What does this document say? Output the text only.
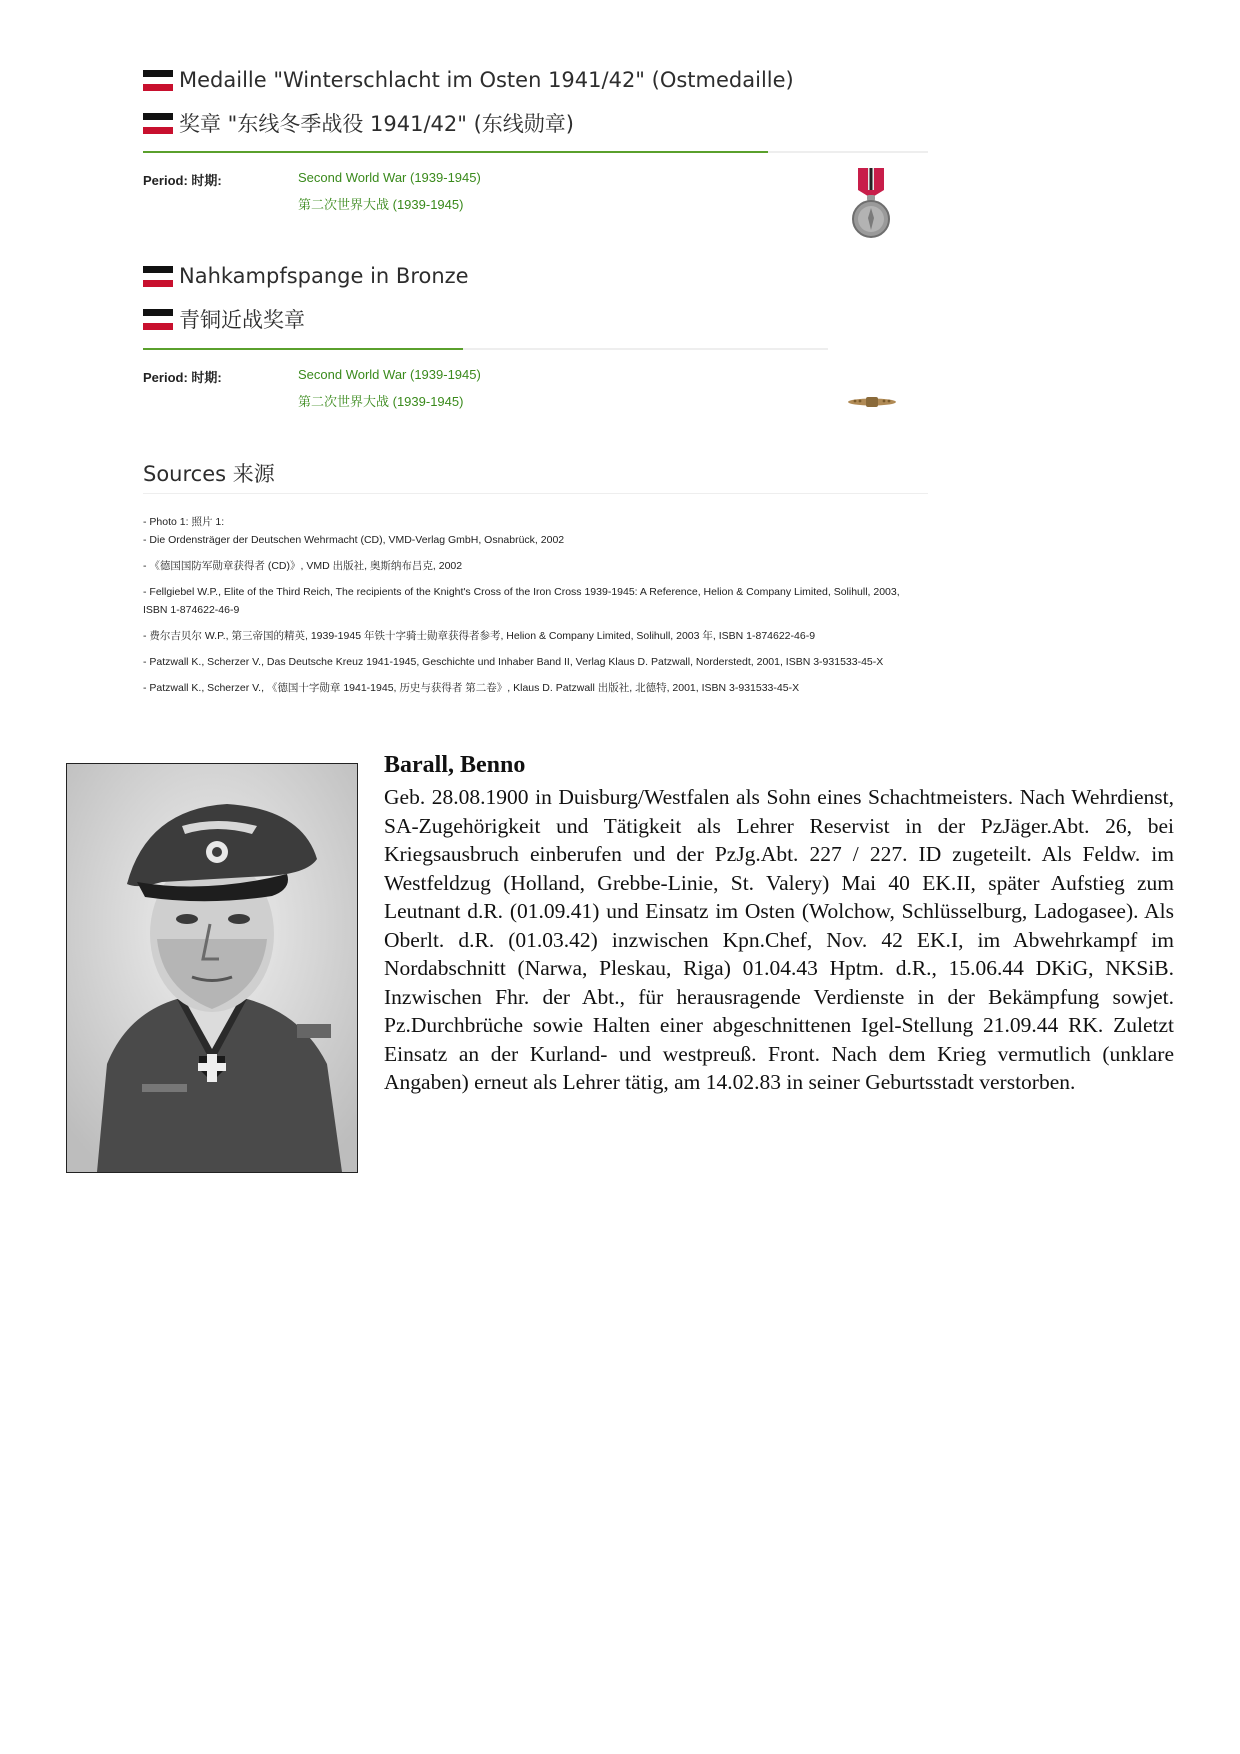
Medaille "Winterschlacht im Osten 1941/42" (Ostmedaille)
奖章 "东线冬季战役 1941/42" (东线勋章)
Period: 时期:	Second World War (1939-1945)
第二次世界大战 (1939-1945)
Nahkampfspange in Bronze
青铜近战奖章
Period: 时期:	Second World War (1939-1945)
第二次世界大战 (1939-1945)
Sources 来源
- Photo 1: 照片 1:
- Die Ordensträger der Deutschen Wehrmacht (CD), VMD-Verlag GmbH, Osnabrück, 2002
- 《德国国防军勋章获得者 (CD)》, VMD 出版社, 奥斯纳布吕克, 2002
- Fellgiebel W.P., Elite of the Third Reich, The recipients of the Knight's Cross of the Iron Cross 1939-1945: A Reference, Helion & Company Limited, Solihull, 2003, ISBN 1-874622-46-9
- 费尔吉贝尔 W.P., 第三帝国的精英, 1939-1945 年铁十字骑士勋章获得者参考, Helion & Company Limited, Solihull, 2003 年, ISBN 1-874622-46-9
- Patzwall K., Scherzer V., Das Deutsche Kreuz 1941-1945, Geschichte und Inhaber Band II, Verlag Klaus D. Patzwall, Norderstedt, 2001, ISBN 3-931533-45-X
- Patzwall K., Scherzer V., 《德国十字勋章 1941-1945, 历史与获得者 第二卷》, Klaus D. Patzwall 出版社, 北德特, 2001, ISBN 3-931533-45-X
Barall, Benno
Geb. 28.08.1900 in Duisburg/Westfalen als Sohn eines Schachtmeisters. Nach Wehrdienst, SA-Zugehörigkeit und Tätigkeit als Lehrer Reservist in der PzJäger.Abt. 26, bei Kriegsausbruch einberufen und der PzJg.Abt. 227 / 227. ID zugeteilt. Als Feldw. im Westfeldzug (Holland, Grebbe-Linie, St. Valery) Mai 40 EK.II, später Aufstieg zum Leutnant d.R. (01.09.41) und Einsatz im Osten (Wolchow, Schlüsselburg, Ladogasee). Als Oberlt. d.R. (01.03.42) inzwischen Kpn.Chef, Nov. 42 EK.I, im Abwehrkampf im Nordabschnitt (Narwa, Pleskau, Riga) 01.04.43 Hptm. d.R., 15.06.44 DKiG, NKSiB. Inzwischen Fhr. der Abt., für herausragende Verdienste in der Bekämpfung sowjet. Pz.Durchbrüche sowie Halten einer abgeschnittenen Igel-Stellung 21.09.44 RK. Zuletzt Einsatz an der Kurland- und westpreuß. Front. Nach dem Krieg vermutlich (unklare Angaben) erneut als Lehrer tätig, am 14.02.83 in seiner Geburtsstadt verstorben.
